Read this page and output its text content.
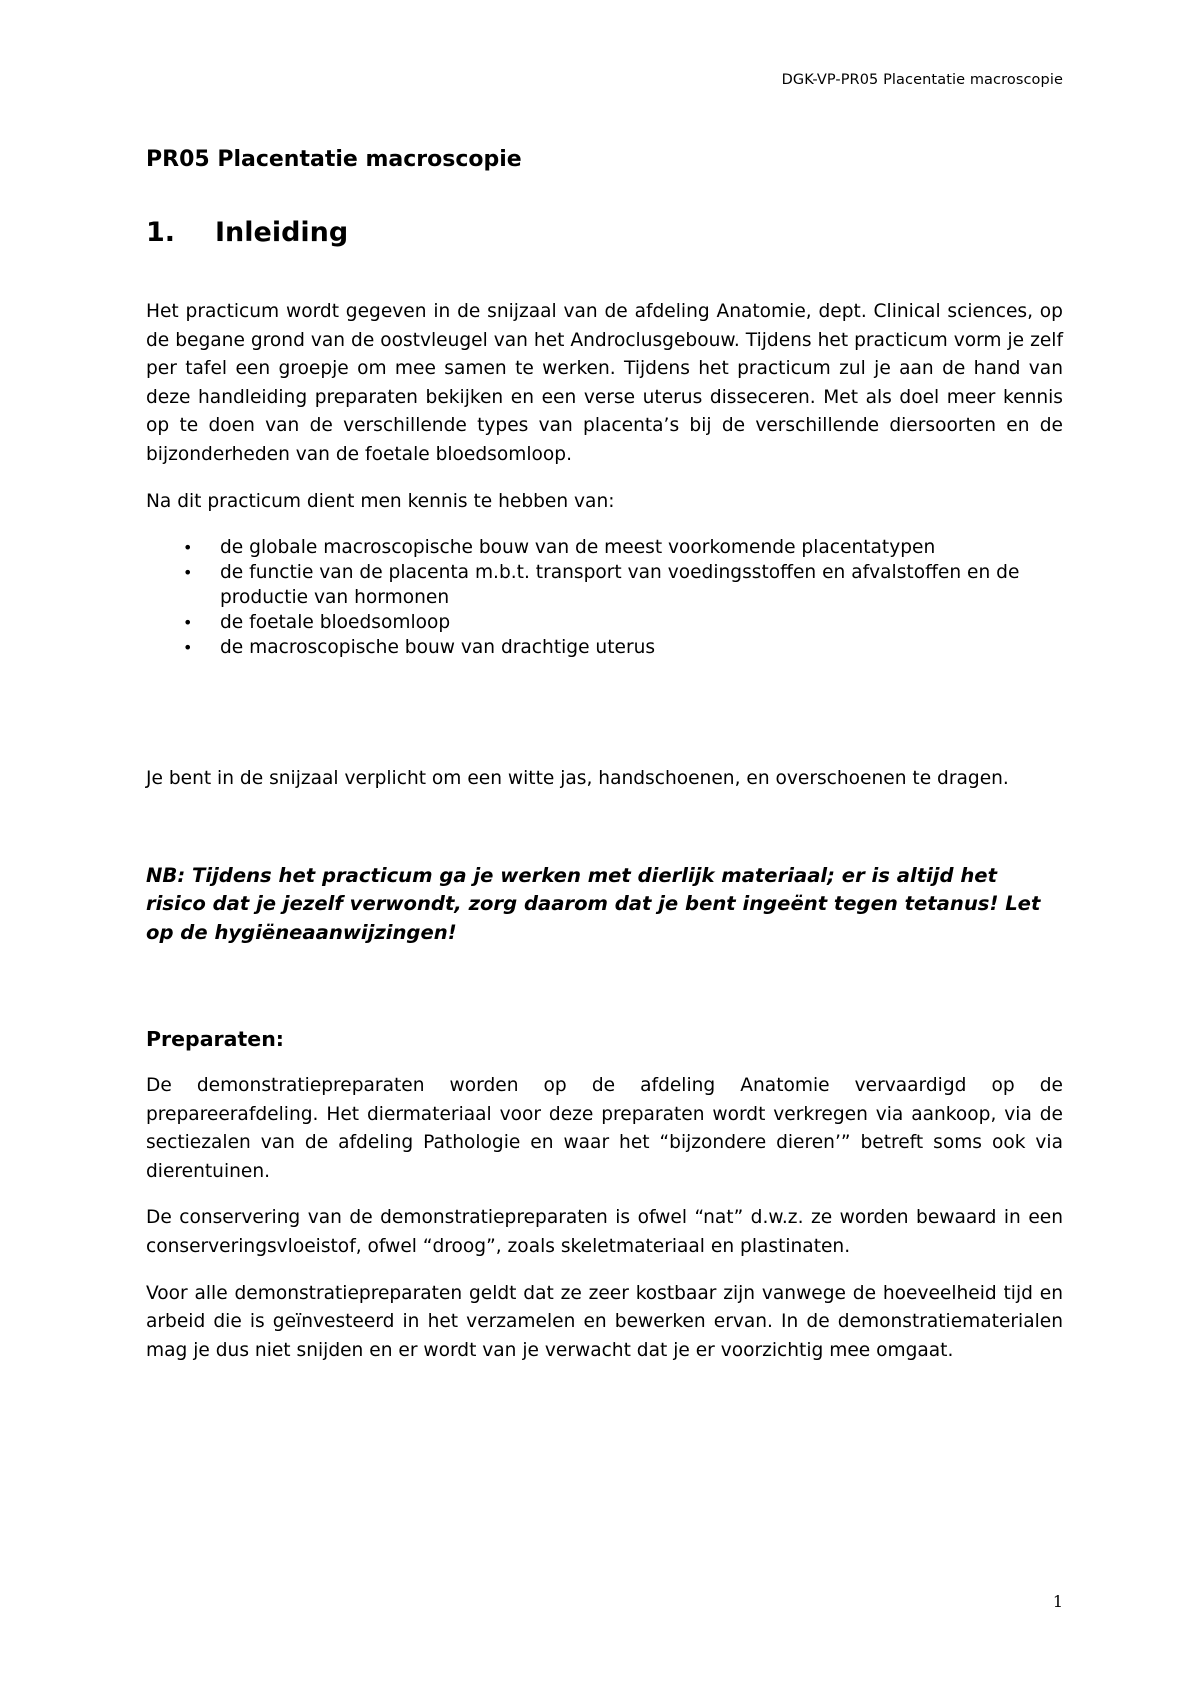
DGK-VP-PR05 Placentatie macroscopie
PR05 Placentatie macroscopie
1.	Inleiding

Het practicum wordt gegeven in de snijzaal van de afdeling Anatomie, dept. Clinical sciences, op de begane grond van de oostvleugel van het Androclusgebouw. Tijdens het practicum vorm je zelf per tafel een groepje om mee samen te werken. Tijdens het practicum zul je aan de hand van deze handleiding preparaten bekijken en een verse uterus disseceren. Met als doel meer kennis op te doen van de verschillende types van placenta’s bij de verschillende diersoorten en de bijzonderheden van de foetale bloedsomloop.

Na dit practicum dient men kennis te hebben van:

•	de globale macroscopische bouw van de meest voorkomende placentatypen
•	de functie van de placenta m.b.t. transport van voedingsstoffen en afvalstoffen en de productie van hormonen
•	de foetale bloedsomloop
•	de macroscopische bouw van drachtige uterus

Je bent in de snijzaal verplicht om een witte jas, handschoenen, en overschoenen te dragen.

NB: Tijdens het practicum ga je werken met dierlijk materiaal; er is altijd het risico dat je jezelf verwondt, zorg daarom dat je bent ingeënt tegen tetanus! Let op de hygiëneaanwijzingen!

Preparaten:

De demonstratiepreparaten worden op de afdeling Anatomie vervaardigd op de prepareerafdeling. Het diermateriaal voor deze preparaten wordt verkregen via aankoop, via de sectiezalen van de afdeling Pathologie en waar het “bijzondere dieren’” betreft soms ook via dierentuinen.

De conservering van de demonstratiepreparaten is ofwel “nat” d.w.z. ze worden bewaard in een conserveringsvloeistof, ofwel “droog”, zoals skeletmateriaal en plastinaten.

Voor alle demonstratiepreparaten geldt dat ze zeer kostbaar zijn vanwege de hoeveelheid tijd en arbeid die is geïnvesteerd in het verzamelen en bewerken ervan. In de demonstratiematerialen mag je dus niet snijden en er wordt van je verwacht dat je er voorzichtig mee omgaat.

1
